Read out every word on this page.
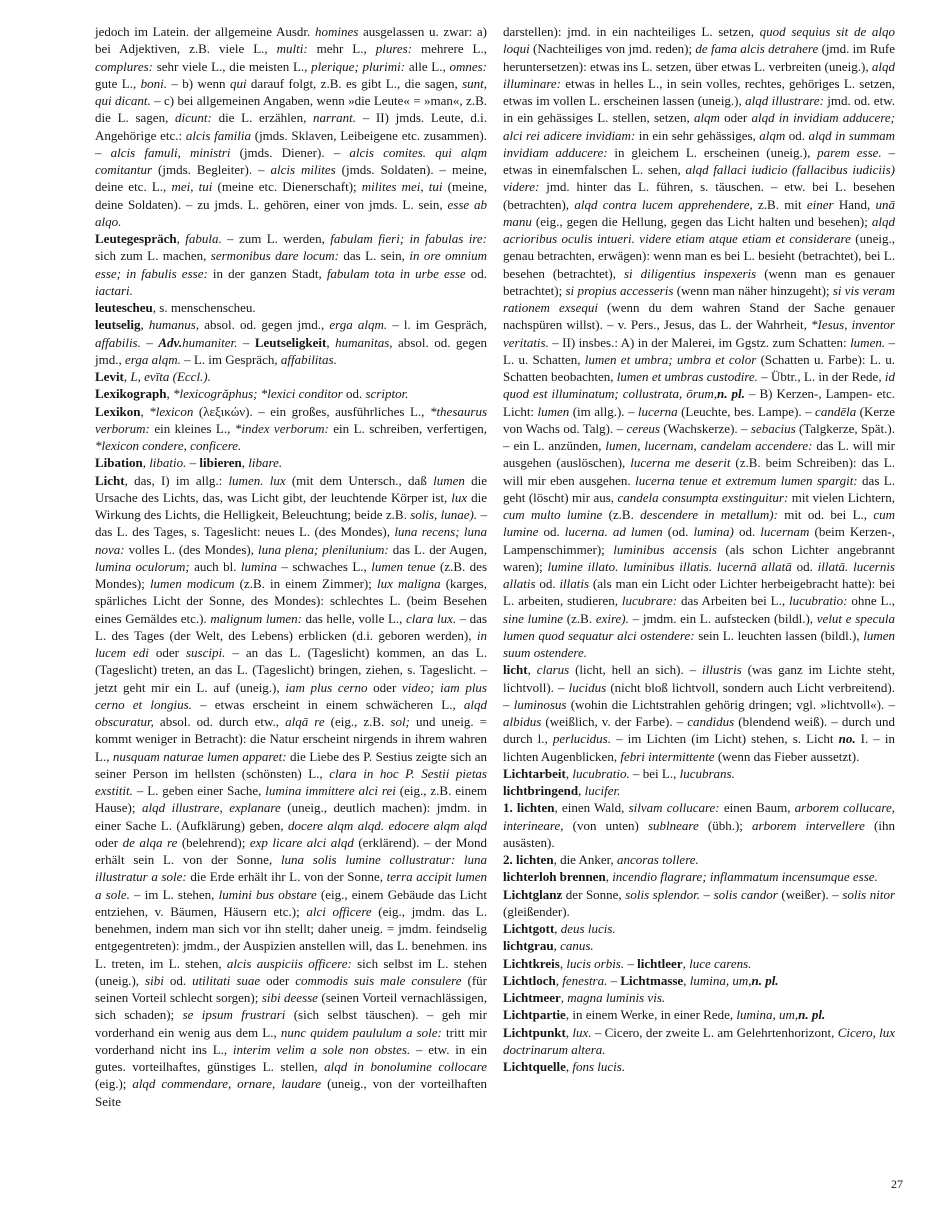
jedoch im Latein. der allgemeine Ausdr. homines ausgelassen u. zwar: a) bei Adjektiven, z.B. viele L., multi: mehr L., plures: mehrere L., complures: sehr viele L., die meisten L., plerique; plurimi: alle L., omnes: gute L., boni. – b) wenn qui darauf folgt, z.B. es gibt L., die sagen, sunt, qui dicant. – c) bei allgemeinen Angaben, wenn »die Leute« = »man«, z.B. die L. sagen, dicunt: die L. erzählen, narrant. – II) jmds. Leute, d.i. Angehörige etc.: alcis familia (jmds. Sklaven, Leibeigene etc. zusammen). – alcis famuli, ministri (jmds. Diener). – alcis comites. qui alqm comitantur (jmds. Begleiter). – alcis milites (jmds. Soldaten). – meine, deine etc. L., mei, tui (meine etc. Dienerschaft); milites mei, tui (meine, deine Soldaten). – zu jmds. L. gehören, einer von jmds. L. sein, esse ab alqo.

Leutegespräch, fabula. – zum L. werden, fabulam fieri; in fabulas ire: sich zum L. machen, sermonibus dare locum: das L. sein, in ore omnium esse; in fabulis esse: in der ganzen Stadt, fabulam tota in urbe esse od. iactari.

leutescheu, s. menschenscheu.

leutselig, humanus, absol. od. gegen jmd., erga alqm. – l. im Gespräch, affabilis. – Adv.humaniter. – Leutseligkeit, humanitas, absol. od. gegen jmd., erga alqm. – L. im Gespräch, affabilitas.

Levit, L, evīta (Eccl.).

Lexikograph, *lexicogrăphus; *lexici conditor od. scriptor.

Lexikon, *lexicon (λεξικών). – ein großes, ausführliches L., *thesaurus verborum: ein kleines L., *index verborum: ein L. schreiben, verfertigen, *lexicon condere, conficere.

Libation, libatio. – libieren, libare.

Licht, das, I) im allg.: lumen. lux (mit dem Untersch., daß lumen die Ursache des Lichts, das, was Licht gibt, der leuchtende Körper ist, lux die Wirkung des Lichts, die Helligkeit, Beleuchtung; beide z.B. solis, lunae). – das L. des Tages, s. Tageslicht: neues L. (des Mondes), luna recens; luna nova: volles L. (des Mondes), luna plena; plenilunium: das L. der Augen, lumina oculorum; auch bl. lumina – schwaches L., lumen tenue (z.B. des Mondes); lumen modicum (z.B. in einem Zimmer); lux maligna (karges, spärliches Licht der Sonne, des Mondes): schlechtes L. (beim Besehen eines Gemäldes etc.). malignum lumen: das helle, volle L., clara lux. – das L. des Tages (der Welt, des Lebens) erblicken (d.i. geboren werden), in lucem edi oder suscipi. – an das L. (Tageslicht) kommen, an das L. (Tageslicht) treten, an das L. (Tageslicht) bringen, ziehen, s. Tageslicht. – jetzt geht mir ein L. auf (uneig.), iam plus cerno oder video; iam plus cerno et longius. – etwas erscheint in einem schwächeren L., alqd obscuratur, absol. od. durch etw., alqā re (eig., z.B. sol; und uneig. = kommt weniger in Betracht): die Natur erscheint nirgends in ihrem wahren L., nusquam naturae lumen apparet: die Liebe des P. Sestius zeigte sich an seiner Person im hellsten (schönsten) L., clara in hoc P. Sestii pietas exstitit. – L. geben einer Sache, lumina immittere alci rei (eig., z.B. einem Hause); alqd illustrare, explanare (uneig., deutlich machen): jmdm. in einer Sache L. (Aufklärung) geben, docere alqm alqd. edocere alqm alqd oder de alqa re (belehrend); exp licare alci alqd (erklärend). – der Mond erhält sein L. von der Sonne, luna solis lumine collustratur: luna illustratur a sole: die Erde erhält ihr L. von der Sonne, terra accipit lumen a sole. – im L. stehen, lumini bus obstare (eig., einem Gebäude das Licht entziehen, v. Bäumen, Häusern etc.); alci officere (eig., jmdm. das L. benehmen, indem man sich vor ihn stellt; daher uneig. = jmdm. feindselig entgegentreten): jmdm., der Auspizien anstellen will, das L. benehmen. ins L. treten, im L. stehen, alcis auspiciis officere: sich selbst im L. stehen (uneig.), sibi od. utilitati suae oder commodis suis male consulere (für seinen Vorteil schlecht sorgen); sibi deesse (seinen Vorteil vernachlässigen, sich schaden); se ipsum frustrari (sich selbst täuschen). – geh mir vorderhand ein wenig aus dem L., nunc quidem paululum a sole: tritt mir vorderhand nicht ins L., interim velim a sole non obstes. – etw. in ein gutes. vorteilhaftes, günstiges L. stellen, alqd in bonolumine collocare (eig.); alqd commendare, ornare, laudare (uneig., von der vorteilhaften Seite

darstellen): jmd. in ein nachteiliges L. setzen, quod sequius sit de alqo loqui (Nachteiliges von jmd. reden); de fama alcis detrahere (jmd. im Rufe heruntersetzen): etwas ins L. setzen, über etwas L. verbreiten (uneig.), alqd illuminare: etwas in helles L., in sein volles, rechtes, gehöriges L. setzen, etwas im vollen L. erscheinen lassen (uneig.), alqd illustrare: jmd. od. etw. in ein gehässiges L. stellen, setzen, alqm oder alqd in invidiam adducere; alci rei adicere invidiam: in ein sehr gehässiges, alqm od. alqd in summam invidiam adducere: in gleichem L. erscheinen (uneig.), parem esse. – etwas in einemfalschen L. sehen, alqd fallaci iudicio (fallacibus iudiciis) videre: jmd. hinter das L. führen, s. täuschen. – etw. bei L. besehen (betrachten), alqd contra lucem apprehendere, z.B. mit einer Hand, unā manu (eig., gegen die Hellung, gegen das Licht halten und besehen); alqd acrioribus oculis intueri. videre etiam atque etiam et considerare (uneig., genau betrachten, erwägen): wenn man es bei L. besieht (betrachtet), bei L. besehen (betrachtet), si diligentius inspexeris (wenn man es genauer betrachtet); si propius accesseris (wenn man näher hinzugeht); si vis veram rationem exsequi (wenn du dem wahren Stand der Sache genauer nachspüren willst). – v. Pers., Jesus, das L. der Wahrheit, *Iesus, inventor veritatis. – II) insbes.: A) in der Malerei, im Ggstz. zum Schatten: lumen. – L. u. Schatten, lumen et umbra; umbra et color (Schatten u. Farbe): L. u. Schatten beobachten, lumen et umbras custodire. – Übtr., L. in der Rede, id quod est illuminatum; collustrata, ōrum,n. pl. – B) Kerzen-, Lampen- etc. Licht: lumen (im allg.). – lucerna (Leuchte, bes. Lampe). – candēla (Kerze von Wachs od. Talg). – cereus (Wachskerze). – sebacius (Talgkerze, Spät.). – ein L. anzünden, lumen, lucernam, candelam accendere: das L. will mir ausgehen (auslöschen), lucerna me deserit (z.B. beim Schreiben): das L. will mir eben ausgehen. lucerna tenue et extremum lumen spargit: das L. geht (löscht) mir aus, candela consumpta exstinguitur: mit vielen Lichtern, cum multo lumine (z.B. descendere in metallum): mit od. bei L., cum lumine od. lucerna. ad lumen (od. lumina) od. lucernam (beim Kerzen-, Lampenschimmer); luminibus accensis (als schon Lichter angebrannt waren); lumine illato. luminibus illatis. lucernā allatā od. illatā. lucernis allatis od. illatis (als man ein Licht oder Lichter herbeigebracht hatte): bei L. arbeiten, studieren, lucubrare: das Arbeiten bei L., lucubratio: ohne L., sine lumine (z.B. exire). – jmdm. ein L. aufstecken (bildl.), velut e specula lumen quod sequatur alci ostendere: sein L. leuchten lassen (bildl.), lumen suum ostendere.

licht, clarus (licht, hell an sich). – illustris (was ganz im Lichte steht, lichtvoll). – lucidus (nicht bloß lichtvoll, sondern auch Licht verbreitend). – luminosus (wohin die Lichtstrahlen gehörig dringen; vgl. »lichtvoll«). – albidus (weißlich, v. der Farbe). – candidus (blendend weiß). – durch und durch l., perlucidus. – im Lichten (im Licht) stehen, s. Licht no. I. – in lichten Augenblicken, febri intermittente (wenn das Fieber aussetzt).

Lichtarbeit, lucubratio. – bei L., lucubrans.

lichtbringend, lucifer.

1. lichten, einen Wald, silvam collucare: einen Baum, arborem collucare, interineare, (von unten) sublneare (übh.); arborem intervellere (ihn ausästen).

2. lichten, die Anker, ancoras tollere.

lichterloh brennen, incendio flagrare; inflammatum incensumque esse.

Lichtglanz der Sonne, solis splendor. – solis candor (weißer). – solis nitor (gleißender).

Lichtgott, deus lucis.

lichtgrau, canus.

Lichtkreis, lucis orbis. – lichtleer, luce carens.

Lichtloch, fenestra. – Lichtmasse, lumina, um,n. pl.

Lichtmeer, magna luminis vis.

Lichtpartie, in einem Werke, in einer Rede, lumina, um,n. pl.

Lichtpunkt, lux. – Cicero, der zweite L. am Gelehrtenhorizont, Cicero, lux doctrinarum altera.

Lichtquelle, fons lucis.

27
